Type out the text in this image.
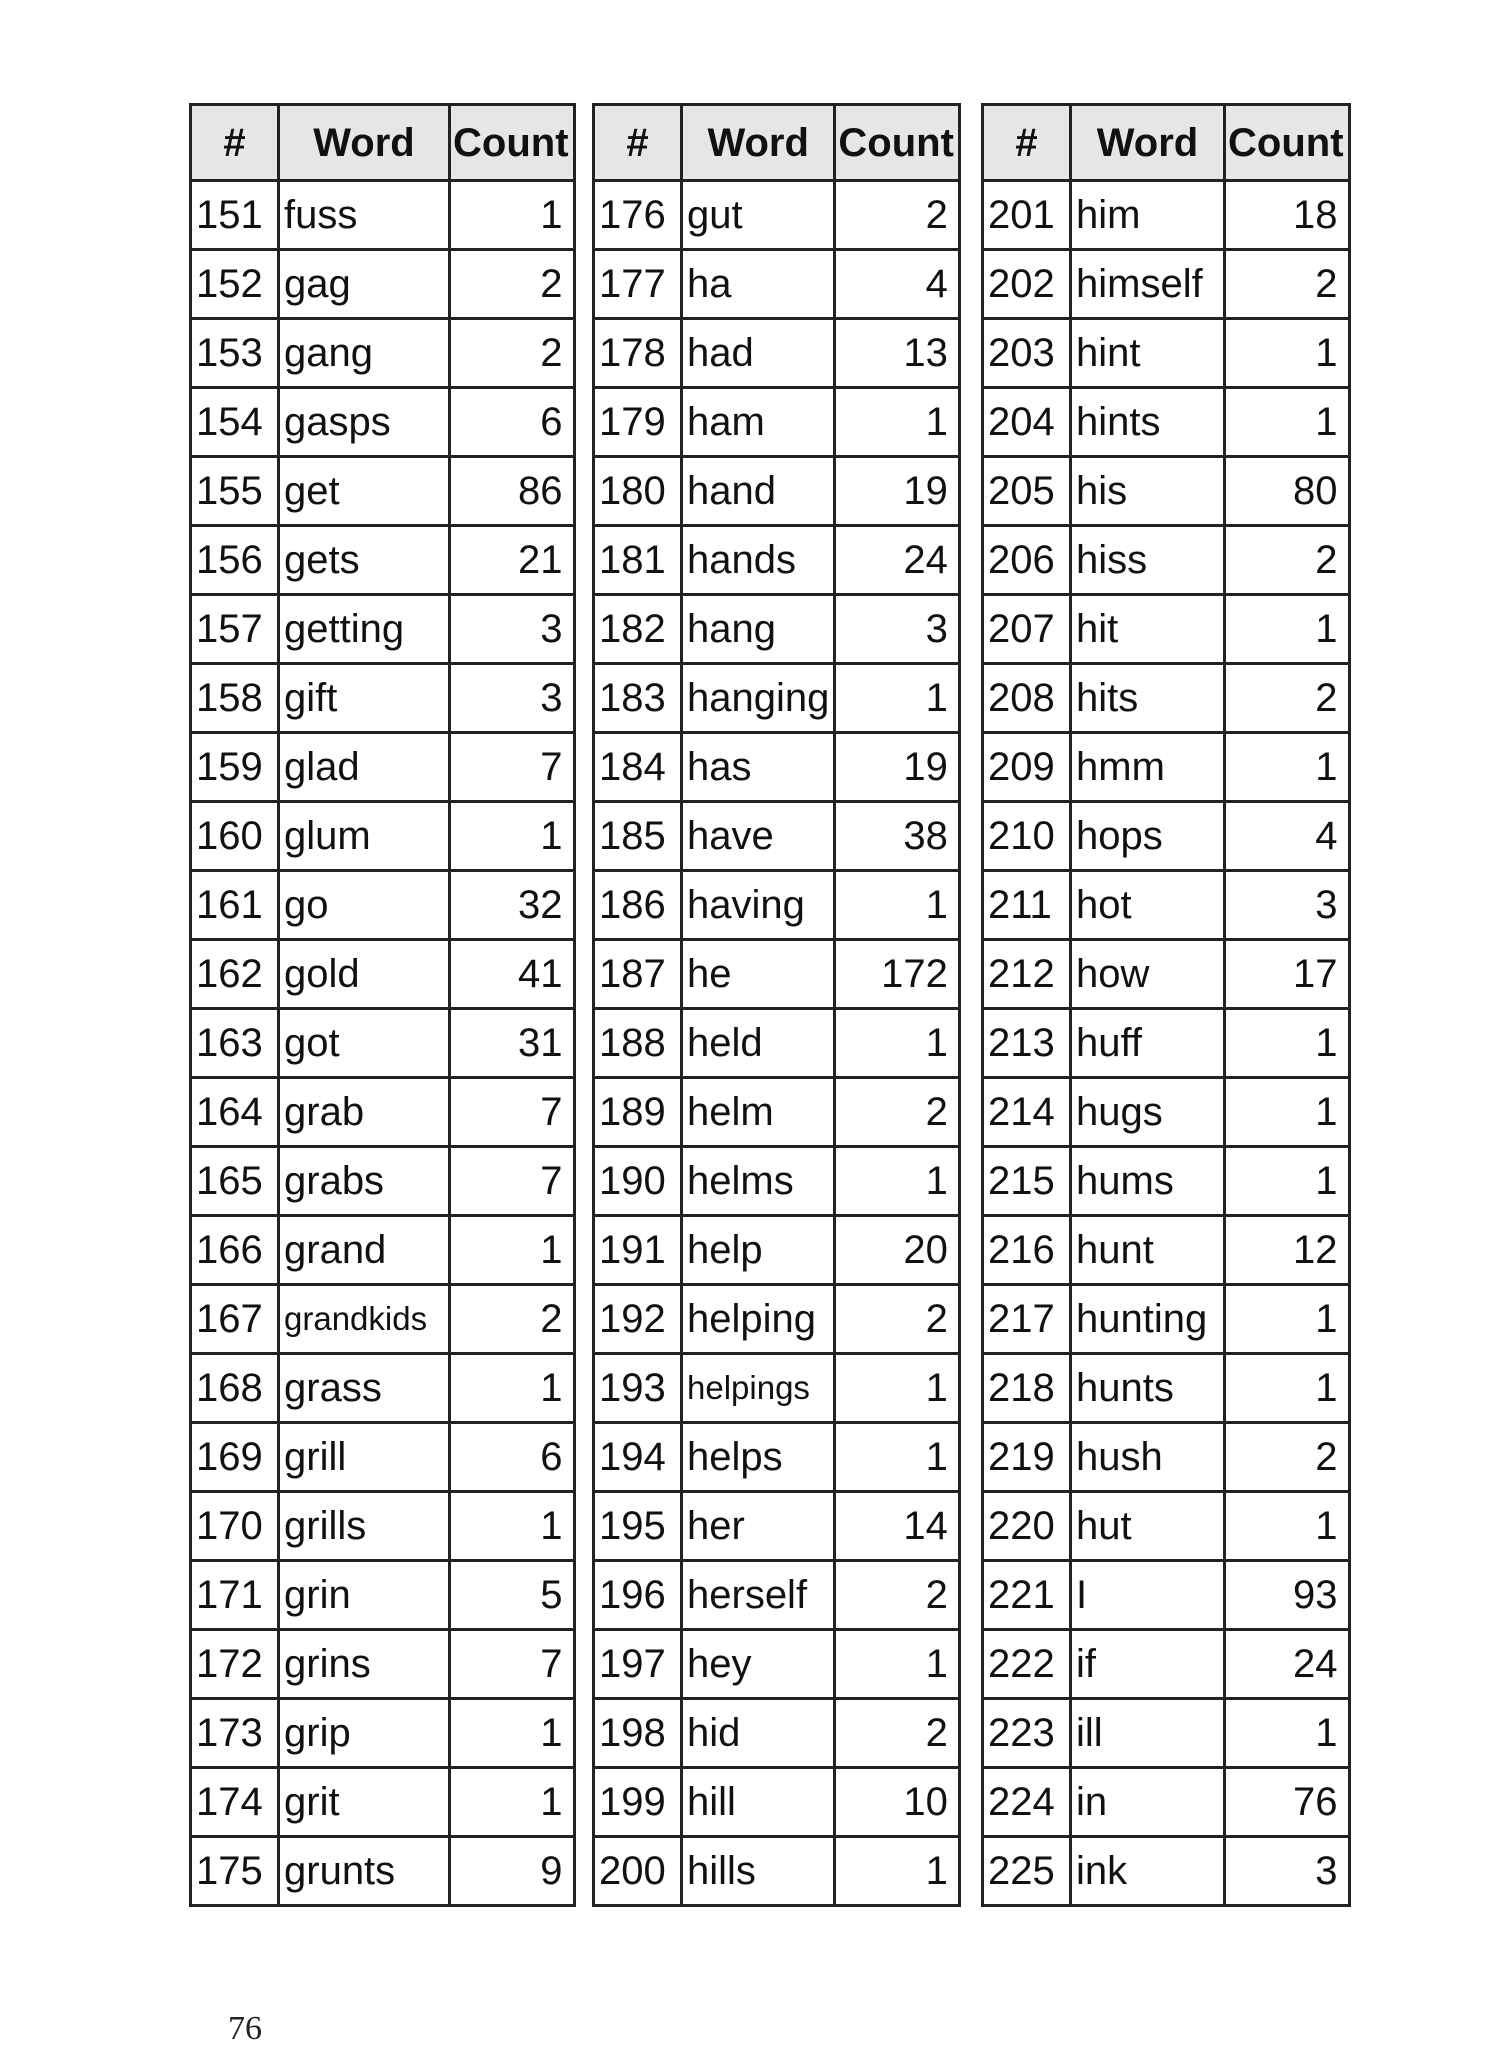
#	Word	Count
151	fuss	1
152	gag	2
153	gang	2
154	gasps	6
155	get	86
156	gets	21
157	getting	3
158	gift	3
159	glad	7
160	glum	1
161	go	32
162	gold	41
163	got	31
164	grab	7
165	grabs	7
166	grand	1
167	grandkids	2
168	grass	1
169	grill	6
170	grills	1
171	grin	5
172	grins	7
173	grip	1
174	grit	1
175	grunts	9
#	Word	Count
176	gut	2
177	ha	4
178	had	13
179	ham	1
180	hand	19
181	hands	24
182	hang	3
183	hanging	1
184	has	19
185	have	38
186	having	1
187	he	172
188	held	1
189	helm	2
190	helms	1
191	help	20
192	helping	2
193	helpings	1
194	helps	1
195	her	14
196	herself	2
197	hey	1
198	hid	2
199	hill	10
200	hills	1
#	Word	Count
201	him	18
202	himself	2
203	hint	1
204	hints	1
205	his	80
206	hiss	2
207	hit	1
208	hits	2
209	hmm	1
210	hops	4
211	hot	3
212	how	17
213	huff	1
214	hugs	1
215	hums	1
216	hunt	12
217	hunting	1
218	hunts	1
219	hush	2
220	hut	1
221	I	93
222	if	24
223	ill	1
224	in	76
225	ink	3
76
